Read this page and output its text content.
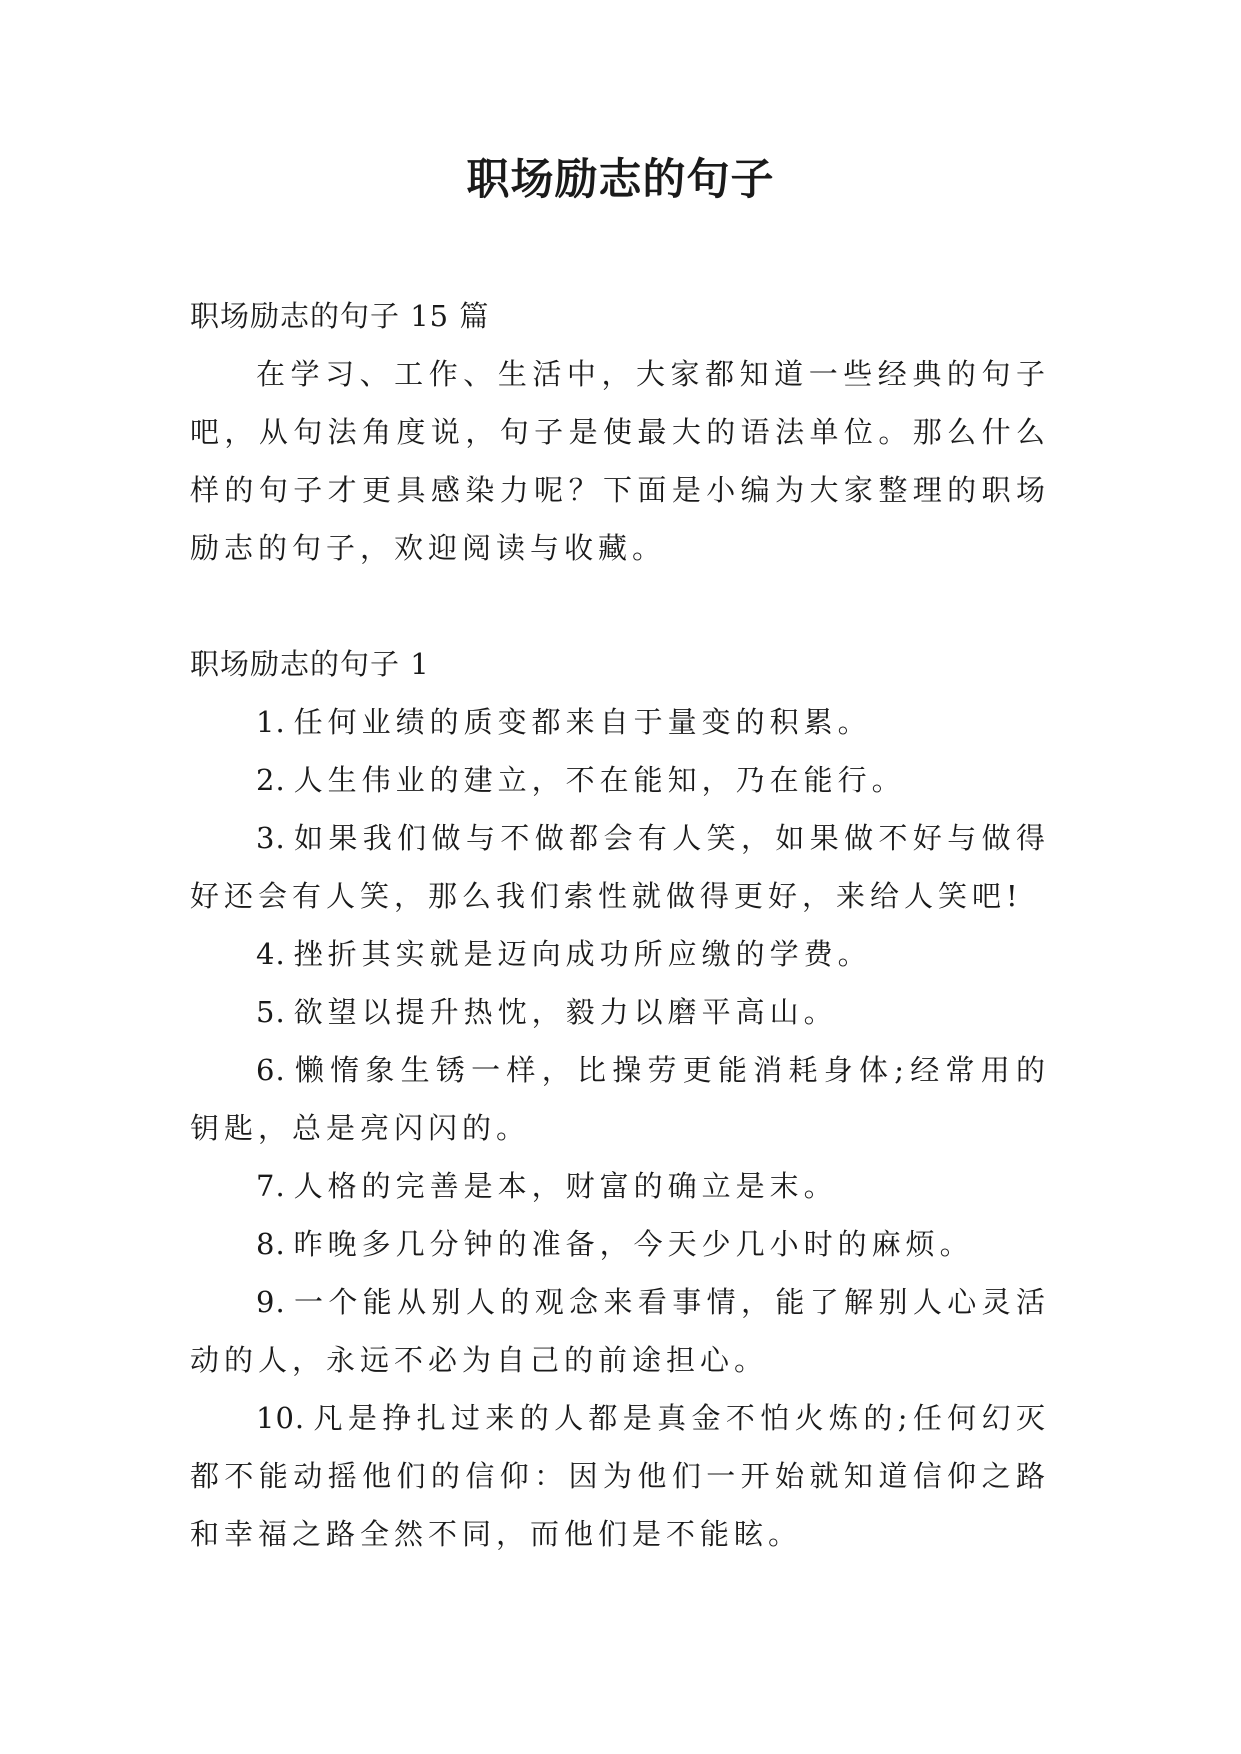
职场励志的句子

职场励志的句子 15 篇

在学习、工作、生活中，大家都知道一些经典的句子吧，从句法角度说，句子是使最大的语法单位。那么什么样的句子才更具感染力呢？下面是小编为大家整理的职场励志的句子，欢迎阅读与收藏。

职场励志的句子 1

1. 任何业绩的质变都来自于量变的积累。

2. 人生伟业的建立，不在能知，乃在能行。

3. 如果我们做与不做都会有人笑，如果做不好与做得好还会有人笑，那么我们索性就做得更好，来给人笑吧!

4. 挫折其实就是迈向成功所应缴的学费。

5. 欲望以提升热忱，毅力以磨平高山。

6. 懒惰象生锈一样，比操劳更能消耗身体;经常用的钥匙，总是亮闪闪的。

7. 人格的完善是本，财富的确立是末。

8. 昨晚多几分钟的准备，今天少几小时的麻烦。

9. 一个能从别人的观念来看事情，能了解别人心灵活动的人，永远不必为自己的前途担心。

10. 凡是挣扎过来的人都是真金不怕火炼的;任何幻灭都不能动摇他们的信仰：因为他们一开始就知道信仰之路和幸福之路全然不同，而他们是不能眩。
